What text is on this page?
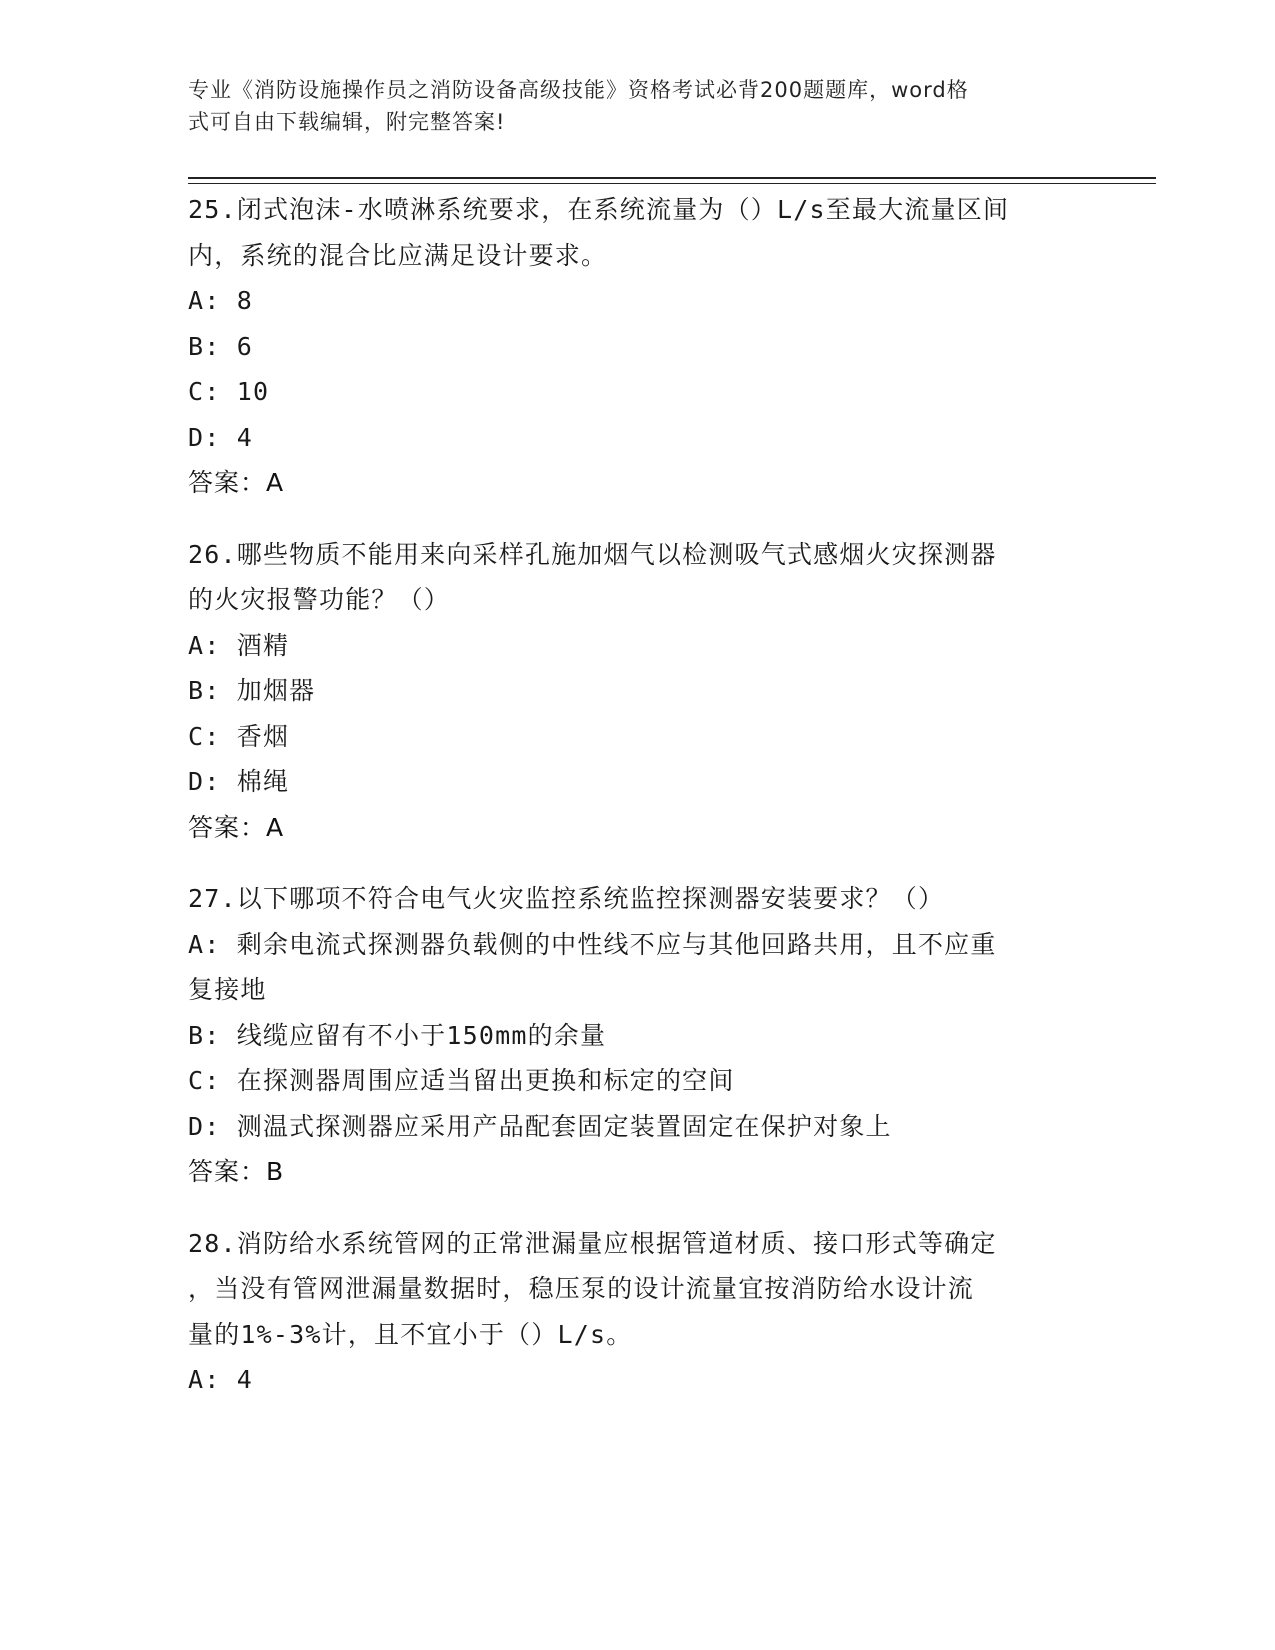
专业《消防设施操作员之消防设备高级技能》资格考试必背200题题库，word格
式可自由下载编辑，附完整答案!

25.闭式泡沫-水喷淋系统要求，在系统流量为（）L/s至最大流量区间

内，系统的混合比应满足设计要求。

A: 8

B: 6

C: 10

D: 4

答案：A

26.哪些物质不能用来向采样孔施加烟气以检测吸气式感烟火灾探测器

的火灾报警功能？（）

A: 酒精

B: 加烟器

C: 香烟

D: 棉绳

答案：A

27.以下哪项不符合电气火灾监控系统监控探测器安装要求？（）

A: 剩余电流式探测器负载侧的中性线不应与其他回路共用，且不应重

复接地

B: 线缆应留有不小于150mm的余量

C: 在探测器周围应适当留出更换和标定的空间

D: 测温式探测器应采用产品配套固定装置固定在保护对象上

答案：B

28.消防给水系统管网的正常泄漏量应根据管道材质、接口形式等确定

，当没有管网泄漏量数据时，稳压泵的设计流量宜按消防给水设计流

量的1%-3%计，且不宜小于（）L/s。

A: 4
